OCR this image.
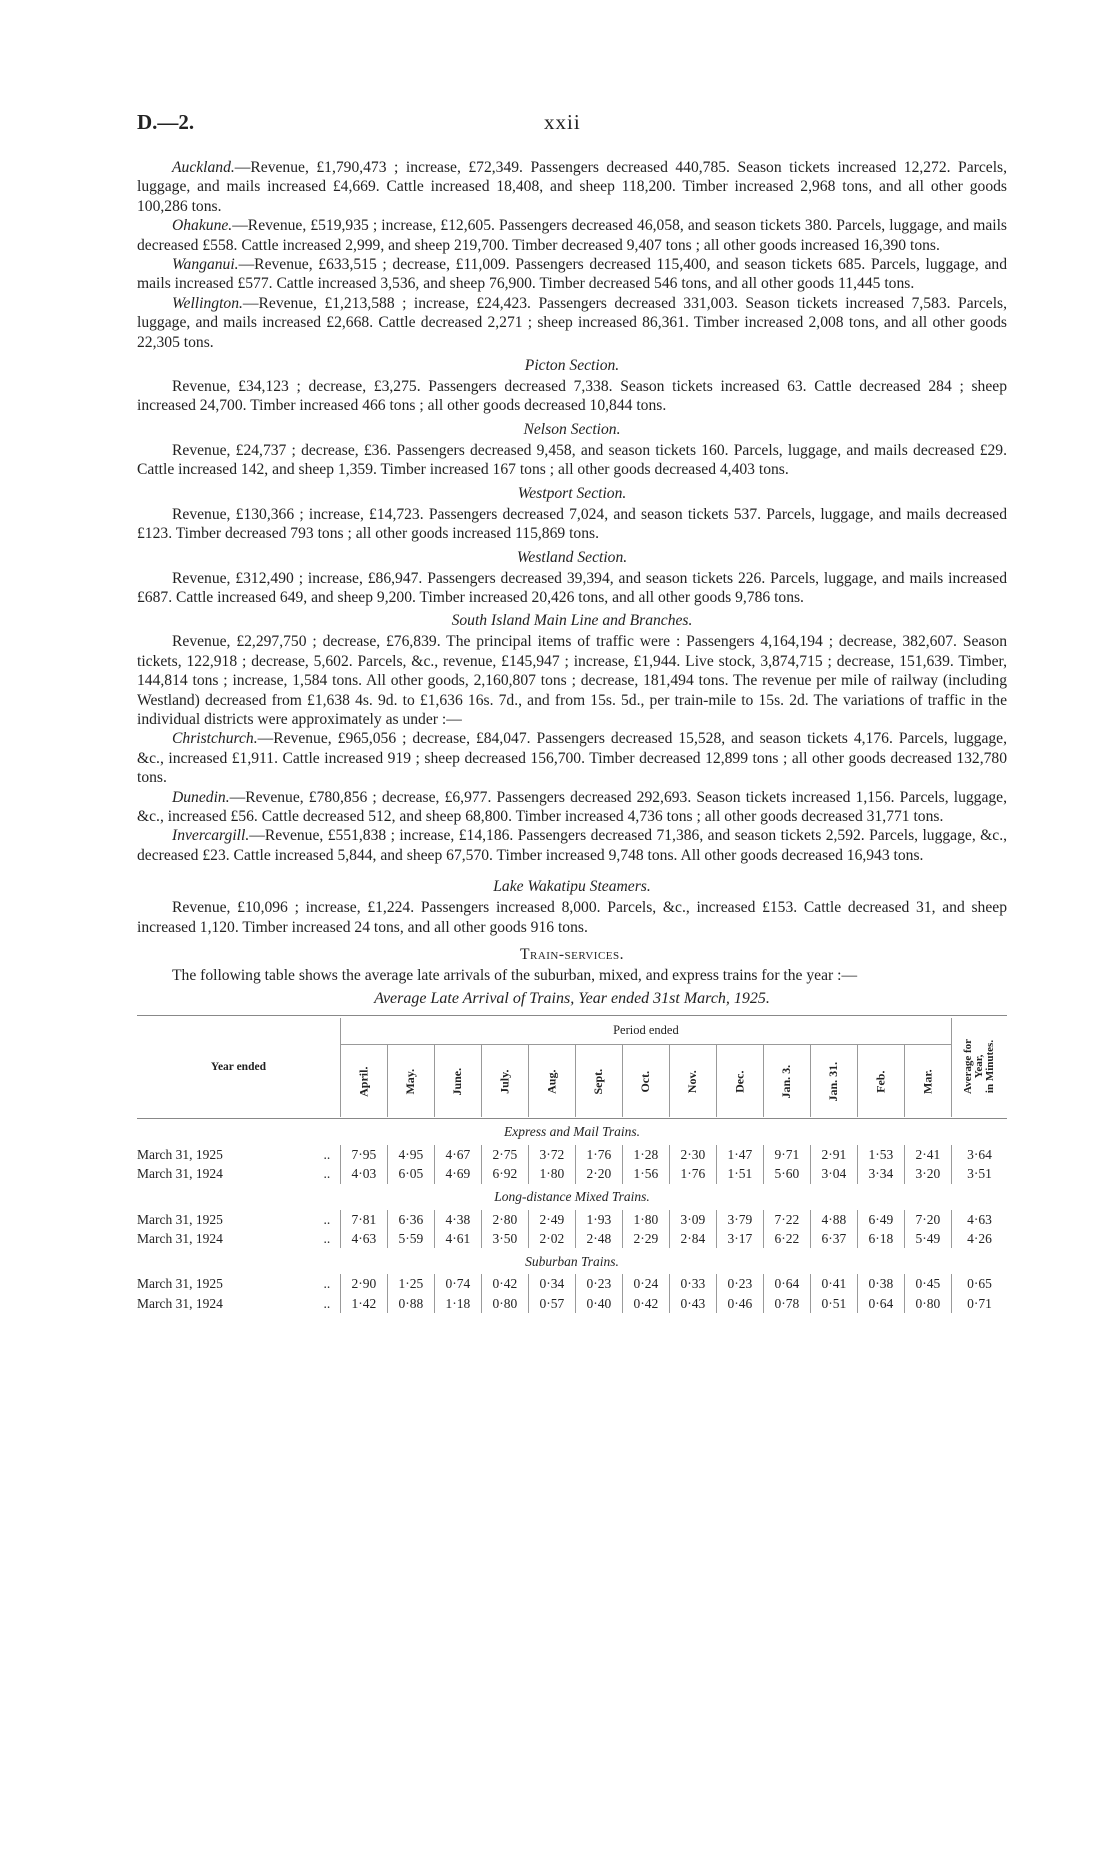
D.—2.	xxii

Auckland.—Revenue, £1,790,473 ; increase, £72,349. Passengers decreased 440,785. Season tickets increased 12,272. Parcels, luggage, and mails increased £4,669. Cattle increased 18,408, and sheep 118,200. Timber increased 2,968 tons, and all other goods 100,286 tons.

Ohakune.—Revenue, £519,935 ; increase, £12,605. Passengers decreased 46,058, and season tickets 380. Parcels, luggage, and mails decreased £558. Cattle increased 2,999, and sheep 219,700. Timber decreased 9,407 tons ; all other goods increased 16,390 tons.

Wanganui.—Revenue, £633,515 ; decrease, £11,009. Passengers decreased 115,400, and season tickets 685. Parcels, luggage, and mails increased £577. Cattle increased 3,536, and sheep 76,900. Timber decreased 546 tons, and all other goods 11,445 tons.

Wellington.—Revenue, £1,213,588 ; increase, £24,423. Passengers decreased 331,003. Season tickets increased 7,583. Parcels, luggage, and mails increased £2,668. Cattle decreased 2,271 ; sheep increased 86,361. Timber increased 2,008 tons, and all other goods 22,305 tons.

Picton Section.

Revenue, £34,123 ; decrease, £3,275. Passengers decreased 7,338. Season tickets increased 63. Cattle decreased 284 ; sheep increased 24,700. Timber increased 466 tons ; all other goods decreased 10,844 tons.

Nelson Section.

Revenue, £24,737 ; decrease, £36. Passengers decreased 9,458, and season tickets 160. Parcels, luggage, and mails decreased £29. Cattle increased 142, and sheep 1,359. Timber increased 167 tons ; all other goods decreased 4,403 tons.

Westport Section.

Revenue, £130,366 ; increase, £14,723. Passengers decreased 7,024, and season tickets 537. Parcels, luggage, and mails decreased £123. Timber decreased 793 tons ; all other goods increased 115,869 tons.

Westland Section.

Revenue, £312,490 ; increase, £86,947. Passengers decreased 39,394, and season tickets 226. Parcels, luggage, and mails increased £687. Cattle increased 649, and sheep 9,200. Timber increased 20,426 tons, and all other goods 9,786 tons.

South Island Main Line and Branches.

Revenue, £2,297,750 ; decrease, £76,839. The principal items of traffic were : Passengers 4,164,194 ; decrease, 382,607. Season tickets, 122,918 ; decrease, 5,602. Parcels, &c., revenue, £145,947 ; increase, £1,944. Live stock, 3,874,715 ; decrease, 151,639. Timber, 144,814 tons ; increase, 1,584 tons. All other goods, 2,160,807 tons ; decrease, 181,494 tons. The revenue per mile of railway (including Westland) decreased from £1,638 4s. 9d. to £1,636 16s. 7d., and from 15s. 5d., per train-mile to 15s. 2d. The variations of traffic in the individual districts were approximately as under :—

Christchurch.—Revenue, £965,056 ; decrease, £84,047. Passengers decreased 15,528, and season tickets 4,176. Parcels, luggage, &c., increased £1,911. Cattle increased 919 ; sheep decreased 156,700. Timber decreased 12,899 tons ; all other goods decreased 132,780 tons.

Dunedin.—Revenue, £780,856 ; decrease, £6,977. Passengers decreased 292,693. Season tickets increased 1,156. Parcels, luggage, &c., increased £56. Cattle decreased 512, and sheep 68,800. Timber increased 4,736 tons ; all other goods decreased 31,771 tons.

Invercargill.—Revenue, £551,838 ; increase, £14,186. Passengers decreased 71,386, and season tickets 2,592. Parcels, luggage, &c., decreased £23. Cattle increased 5,844, and sheep 67,570. Timber increased 9,748 tons. All other goods decreased 16,943 tons.

Lake Wakatipu Steamers.

Revenue, £10,096 ; increase, £1,224. Passengers increased 8,000. Parcels, &c., increased £153. Cattle decreased 31, and sheep increased 1,120. Timber increased 24 tons, and all other goods 916 tons.

Train-services.

The following table shows the average late arrivals of the suburban, mixed, and express trains for the year :—

Average Late Arrival of Trains, Year ended 31st March, 1925.

Year ended		Period ended													Average for Year, in Minutes.

		April.	May.	June.	July.	Aug.	Sept.	Oct.	Nov.	Dec.	Jan. 3.	Jan. 31.	Feb.	Mar.	

Express and Mail Trains.															
March 31, 1925	..	7·95	4·95	4·67	2·75	3·72	1·76	1·28	2·30	1·47	9·71	2·91	1·53	2·41	3·64
March 31, 1924	..	4·03	6·05	4·69	6·92	1·80	2·20	1·56	1·76	1·51	5·60	3·04	3·34	3·20	3·51
Long-distance Mixed Trains.															
March 31, 1925	..	7·81	6·36	4·38	2·80	2·49	1·93	1·80	3·09	3·79	7·22	4·88	6·49	7·20	4·63
March 31, 1924	..	4·63	5·59	4·61	3·50	2·02	2·48	2·29	2·84	3·17	6·22	6·37	6·18	5·49	4·26
Suburban Trains.															
March 31, 1925	..	2·90	1·25	0·74	0·42	0·34	0·23	0·24	0·33	0·23	0·64	0·41	0·38	0·45	0·65
March 31, 1924	..	1·42	0·88	1·18	0·80	0·57	0·40	0·42	0·43	0·46	0·78	0·51	0·64	0·80	0·71
